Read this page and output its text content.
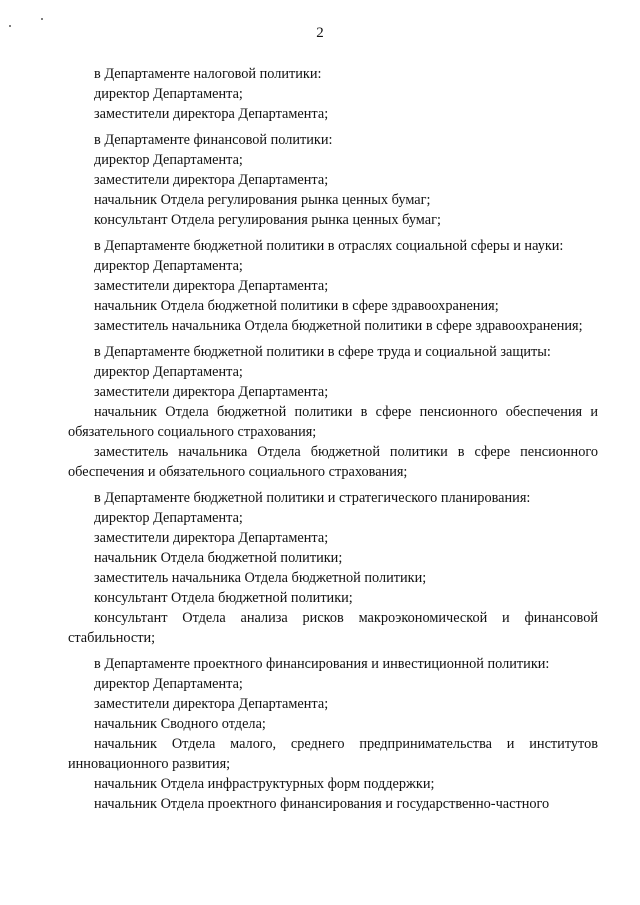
2
в Департаменте налоговой политики:
директор Департамента;
заместители директора Департамента;
в Департаменте финансовой политики:
директор Департамента;
заместители директора Департамента;
начальник Отдела регулирования рынка ценных бумаг;
консультант Отдела регулирования рынка ценных бумаг;
в Департаменте бюджетной политики в отраслях социальной сферы и науки:
директор Департамента;
заместители директора Департамента;
начальник Отдела бюджетной политики в сфере здравоохранения;
заместитель начальника Отдела бюджетной политики в сфере здравоохранения;
в Департаменте бюджетной политики в сфере труда и социальной защиты:
директор Департамента;
заместители директора Департамента;
начальник Отдела бюджетной политики в сфере пенсионного обеспечения и обязательного социального страхования;
заместитель начальника Отдела бюджетной политики в сфере пенсионного обеспечения и обязательного социального страхования;
в Департаменте бюджетной политики и стратегического планирования:
директор Департамента;
заместители директора Департамента;
начальник Отдела бюджетной политики;
заместитель начальника Отдела бюджетной политики;
консультант Отдела бюджетной политики;
консультант Отдела анализа рисков макроэкономической и финансовой стабильности;
в Департаменте проектного финансирования и инвестиционной политики:
директор Департамента;
заместители директора Департамента;
начальник Сводного отдела;
начальник Отдела малого, среднего предпринимательства и институтов инновационного развития;
начальник Отдела инфраструктурных форм поддержки;
начальник Отдела проектного финансирования и государственно-частного
